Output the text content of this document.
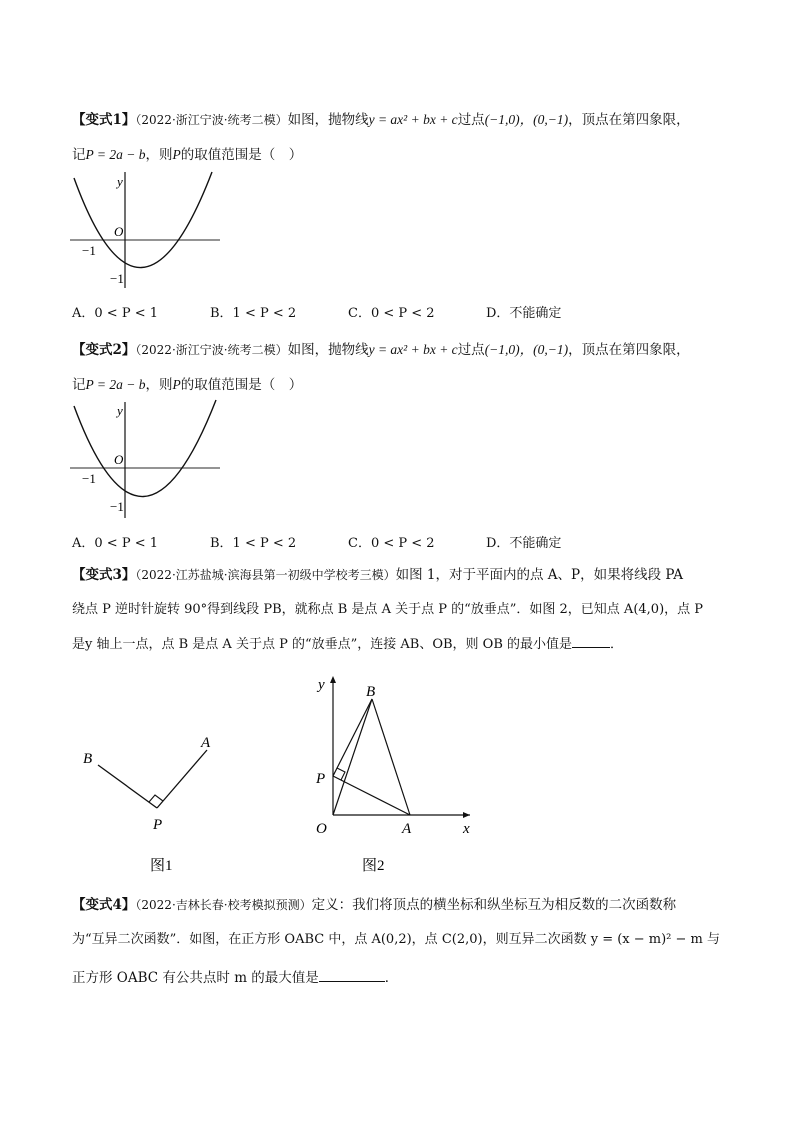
【变式1】（2022·浙江宁波·统考二模）如图，抛物线y = ax² + bx + c过点(−1,0)，(0,−1)，顶点在第四象限，
记P = 2a − b，则P的取值范围是（　）
y
O
−1
−1
A．0 < P < 1	B．1 < P < 2	C．0 < P < 2	D．不能确定
【变式2】（2022·浙江宁波·统考二模）如图，抛物线y = ax² + bx + c过点(−1,0)，(0,−1)，顶点在第四象限，
记P = 2a − b，则P的取值范围是（　）
y
O
−1
−1
A．0 < P < 1	B．1 < P < 2	C．0 < P < 2	D．不能确定
【变式3】（2022·江苏盐城·滨海县第一初级中学校考三模）如图 1，对于平面内的点 A、P，如果将线段 PA
绕点 P 逆时针旋转 90°得到线段 PB，就称点 B 是点 A 关于点 P 的“放垂点”．如图 2，已知点 A(4,0)，点 P
是y 轴上一点，点 B 是点 A 关于点 P 的“放垂点”，连接 AB、OB，则 OB 的最小值是	．
B
A
P
图1
y	B
P
O	A	x
图2
【变式4】（2022·吉林长春·校考模拟预测）定义：我们将顶点的横坐标和纵坐标互为相反数的二次函数称
为“互异二次函数”．如图，在正方形 OABC 中，点 A(0,2)，点 C(2,0)，则互异二次函数 y = (x − m)² − m 与
正方形 OABC 有公共点时 m 的最大值是	．
